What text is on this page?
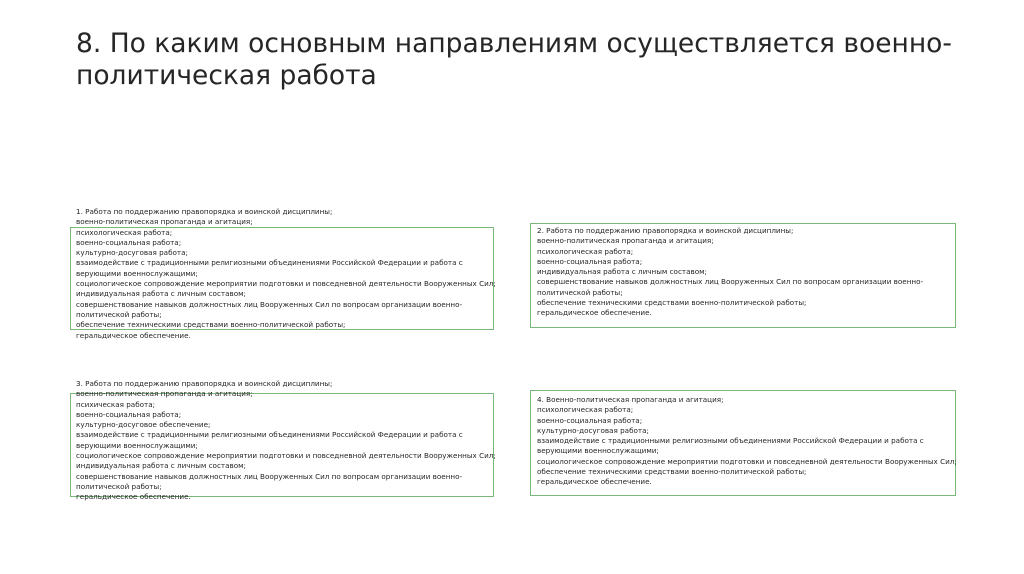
8. По каким основным направлениям осуществляется военно-
политическая работа
1. Работа по поддержанию правопорядка и воинской дисциплины;
военно-политическая пропаганда и агитация;
психологическая работа;
военно-социальная работа;
культурно-досуговая работа;
взаимодействие с традиционными религиозными объединениями Российской Федерации и работа с
верующими военнослужащими;
социологическое сопровождение мероприятии подготовки и повседневной деятельности Вооруженных Сил;
индивидуальная работа с личным составом;
совершенствование навыков должностных лиц Вооруженных Сил по вопросам организации военно-
политической работы;
обеспечение техническими средствами военно-политической работы;
геральдическое обеспечение.
2. Работа по поддержанию правопорядка и воинской дисциплины;
военно-политическая пропаганда и агитация;
психологическая работа;
военно-социальная работа;
индивидуальная работа с личным составом;
совершенствование навыков должностных лиц Вооруженных Сил по вопросам организации военно-
политической работы;
обеспечение техническими средствами военно-политической работы;
геральдическое обеспечение.
3. Работа по поддержанию правопорядка и воинской дисциплины;
военно-политическая пропаганда и агитация;
психическая работа;
военно-социальная работа;
культурно-досуговое обеспечение;
взаимодействие с традиционными религиозными объединениями Российской Федерации и работа с
верующими военнослужащими;
социологическое сопровождение мероприятии подготовки и повседневной деятельности Вооруженных Сил;
индивидуальная работа с личным составом;
совершенствование навыков должностных лиц Вооруженных Сил по вопросам организации военно-
политической работы;
геральдическое обеспечение.
4. Военно-политическая пропаганда и агитация;
психологическая работа;
военно-социальная работа;
культурно-досуговая работа;
взаимодействие с традиционными религиозными объединениями Российской Федерации и работа с
верующими военнослужащими;
социологическое сопровождение мероприятии подготовки и повседневной деятельности Вооруженных Сил;
обеспечение техническими средствами военно-политической работы;
геральдическое обеспечение.
